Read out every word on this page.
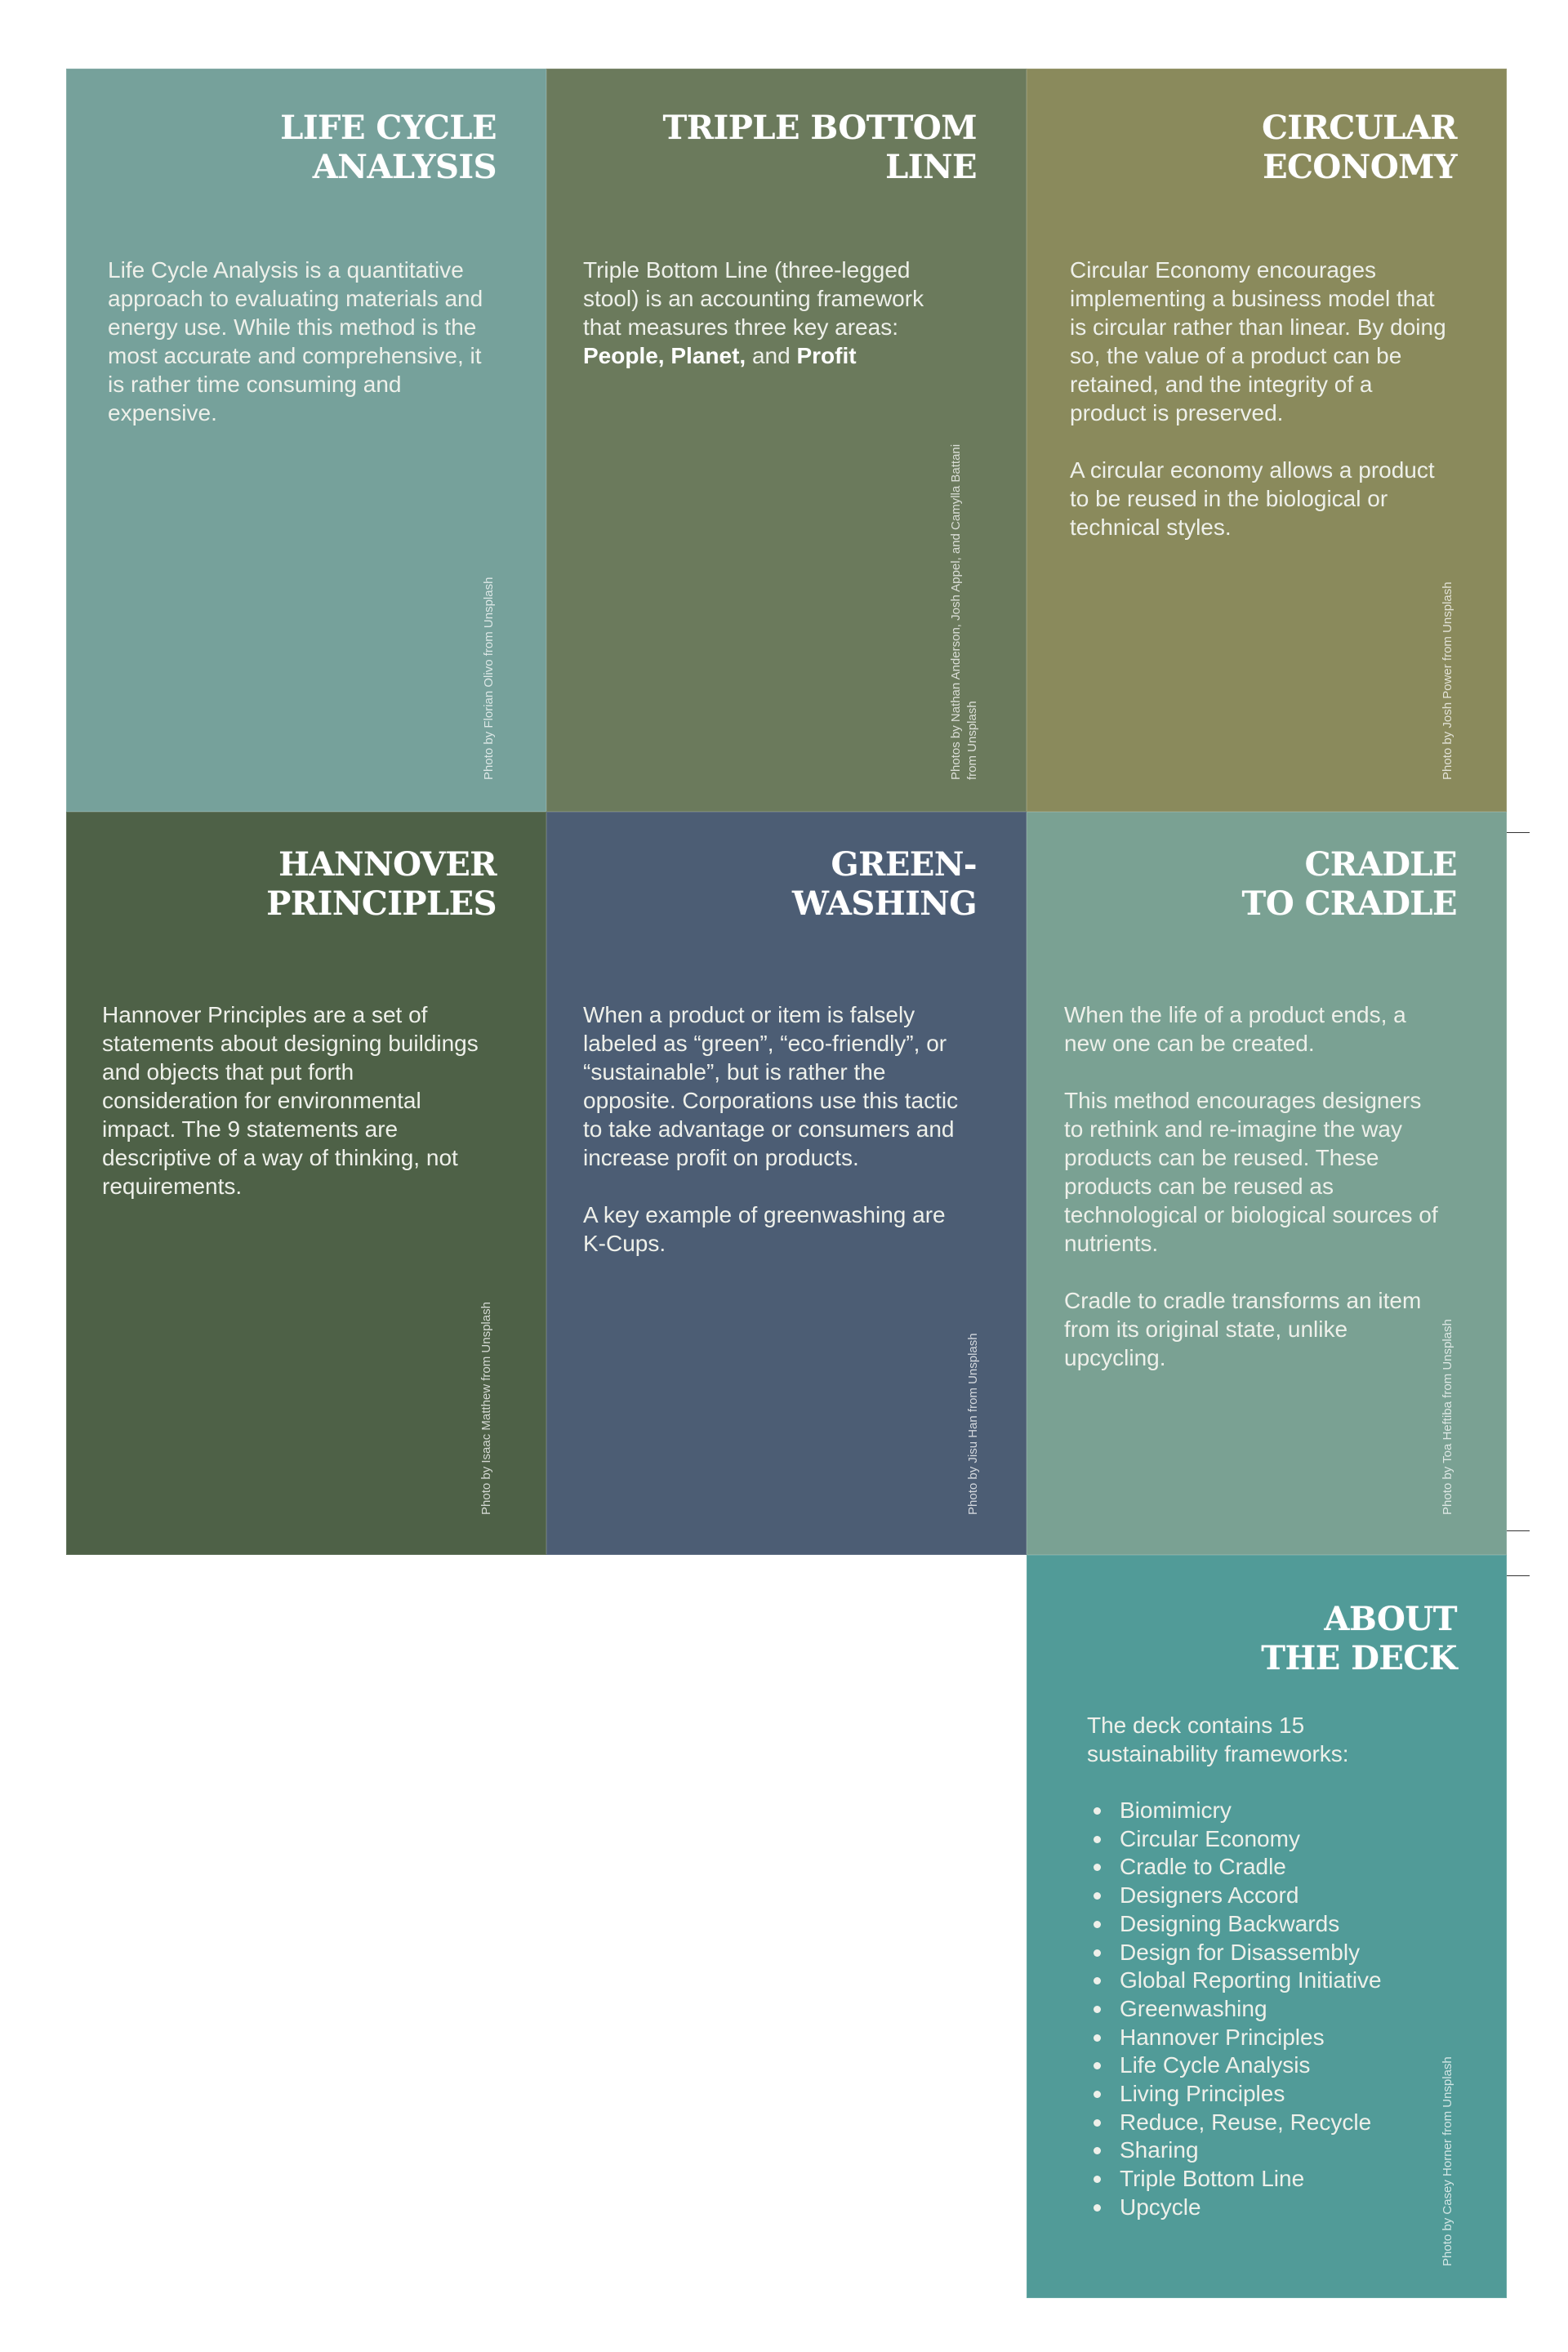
LIFE CYCLE
ANALYSIS

Life Cycle Analysis is a quantitative approach to evaluating materials and energy use. While this method is the most accurate and comprehensive, it is rather time consuming and expensive.

Photo by Florian Olivo from Unsplash
TRIPLE BOTTOM
LINE

Triple Bottom Line (three-legged stool) is an accounting framework that measures three key areas: People, Planet, and Profit

Photos by Nathan Anderson, Josh Appel, and Camylla Battani from Unsplash
CIRCULAR
ECONOMY

Circular Economy encourages implementing a business model that is circular rather than linear. By doing so, the value of a product can be retained, and the integrity of a product is preserved.

A circular economy allows a product to be reused in the biological or technical styles.

Photo by Josh Power from Unsplash
HANNOVER
PRINCIPLES

Hannover Principles are a set of statements about designing buildings and objects that put forth consideration for environmental impact. The 9 statements are descriptive of a way of thinking, not requirements.

Photo by Isaac Matthew from Unsplash
GREEN-
WASHING

When a product or item is falsely labeled as “green”, “eco-friendly”, or “sustainable”, but is rather the opposite. Corporations use this tactic to take advantage or consumers and increase profit on products.

A key example of greenwashing are K-Cups.

Photo by Jisu Han from Unsplash
CRADLE
TO CRADLE

When the life of a product ends, a new one can be created.

This method encourages designers to rethink and re-imagine the way products can be reused. These products can be reused as technological or biological sources of nutrients.

Cradle to cradle transforms an item from its original state, unlike upcycling.	Photo by Toa Heftiba from Unsplash
ABOUT
THE DECK

The deck contains 15 sustainability frameworks:

Biomimicry
Circular Economy
Cradle to Cradle
Designers Accord
Designing Backwards
Design for Disassembly
Global Reporting Initiative
Greenwashing
Hannover Principles
Life Cycle Analysis
Living Principles
Reduce, Reuse, Recycle
Sharing
Triple Bottom Line
Upcycle	Photo by Casey Horner from Unsplash
